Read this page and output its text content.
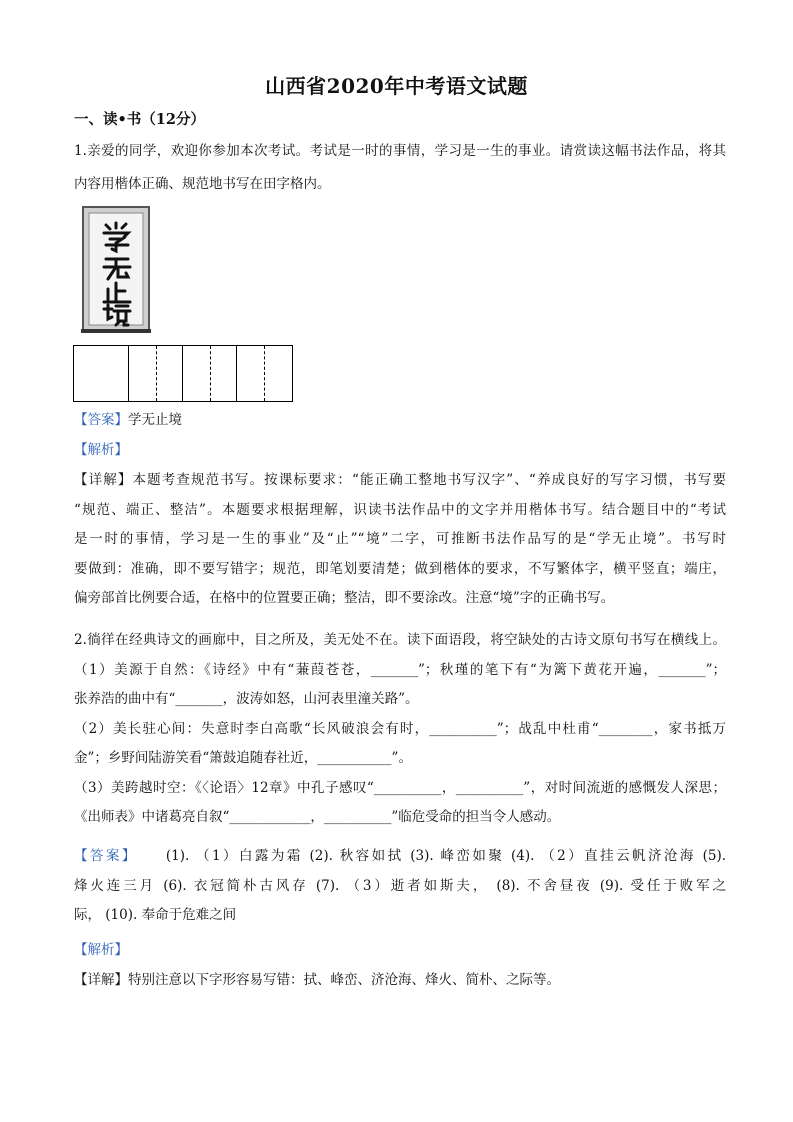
山西省2020年中考语文试题
一、读•书（12分）

1.亲爱的同学，欢迎你参加本次考试。考试是一时的事情，学习是一生的事业。请赏读这幅书法作品，将其

内容用楷体正确、规范地书写在田字格内。
【答案】学无止境
【解析】

【详解】本题考查规范书写。按课标要求：“能正确工整地书写汉字”、“养成良好的写字习惯，书写要

“规范、端正、整洁”。本题要求根据理解，识读书法作品中的文字并用楷体书写。结合题目中的“考试

是一时的事情，学习是一生的事业”及“止”“境”二字，可推断书法作品写的是“学无止境”。书写时

要做到：准确，即不要写错字；规范，即笔划要清楚；做到楷体的要求，不写繁体字，横平竖直；端庄，

偏旁部首比例要合适，在格中的位置要正确；整洁，即不要涂改。注意“境”字的正确书写。

2.徜徉在经典诗文的画廊中，目之所及，美无处不在。读下面语段，将空缺处的古诗文原句书写在横线上。

（1）美源于自然：《诗经》中有“蒹葭苍苍，_______”；秋瑾的笔下有“为篱下黄花开遍，_______”；

张养浩的曲中有“_______，波涛如怒，山河表里潼关路”。

（2）美长驻心间：失意时李白高歌“长风破浪会有时，__________”；战乱中杜甫“________，家书抵万

金”；乡野间陆游笑看“箫鼓追随春社近，___________”。

（3）美跨越时空：《〈论语〉12章》中孔子感叹“__________，__________”，对时间流逝的感慨发人深思；

《出师表》中诸葛亮自叙“____________，__________”临危受命的担当令人感动。

【答案】 (1). （1）白露为霜 (2). 秋容如拭 (3). 峰峦如聚 (4). （2）直挂云帆济沧海 (5).

烽火连三月 (6). 衣冠简朴古风存 (7). （3）逝者如斯夫， (8). 不舍昼夜 (9). 受任于败军之

际， (10). 奉命于危难之间

【解析】
【详解】特别注意以下字形容易写错：拭、峰峦、济沧海、烽火、简朴、之际等。
